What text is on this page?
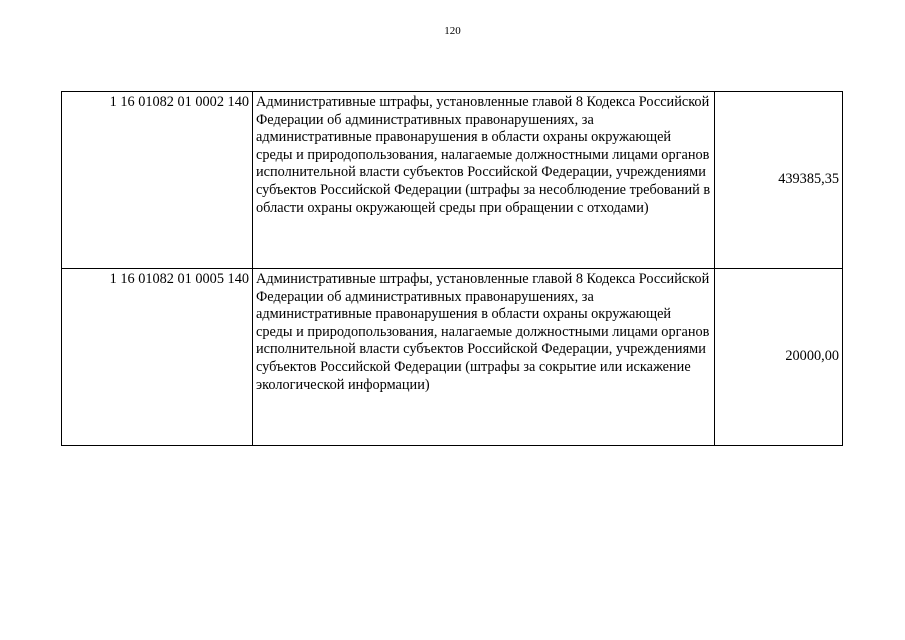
120
1 16 01082 01 0002 140	Административные штрафы, установленные главой 8 Кодекса Российской Федерации об административных правонарушениях, за административные правонарушения в области охраны окружающей среды и природопользования, налагаемые должностными лицами органов исполнительной власти субъектов Российской Федерации, учреждениями субъектов Российской Федерации (штрафы за несоблюдение требований в области охраны окружающей среды при обращении с отходами)	439385,35
1 16 01082 01 0005 140	Административные штрафы, установленные главой 8 Кодекса Российской Федерации об административных правонарушениях, за административные правонарушения в области охраны окружающей среды и природопользования, налагаемые должностными лицами органов исполнительной власти субъектов Российской Федерации, учреждениями субъектов Российской Федерации (штрафы за сокрытие или искажение экологической информации)	20000,00
